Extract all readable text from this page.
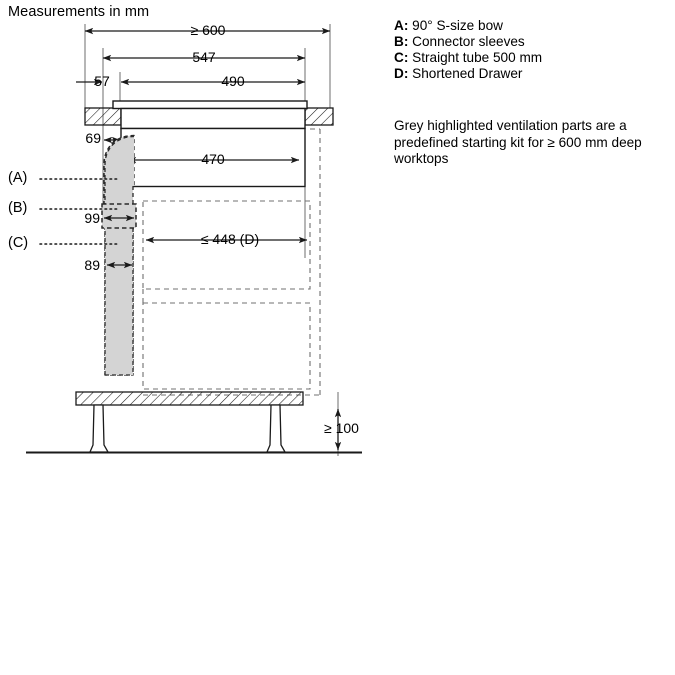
Measurements in mm
A: 90° S-size bow
B: Connector sleeves
C: Straight tube 500 mm
D: Shortened Drawer
Grey highlighted ventilation parts are a predefined starting kit for ≥ 600 mm deep worktops
≥ 600
547
57	490
69
470
99
89
≤ 448 (D)
≥ 100
(A)
(B)
(C)
